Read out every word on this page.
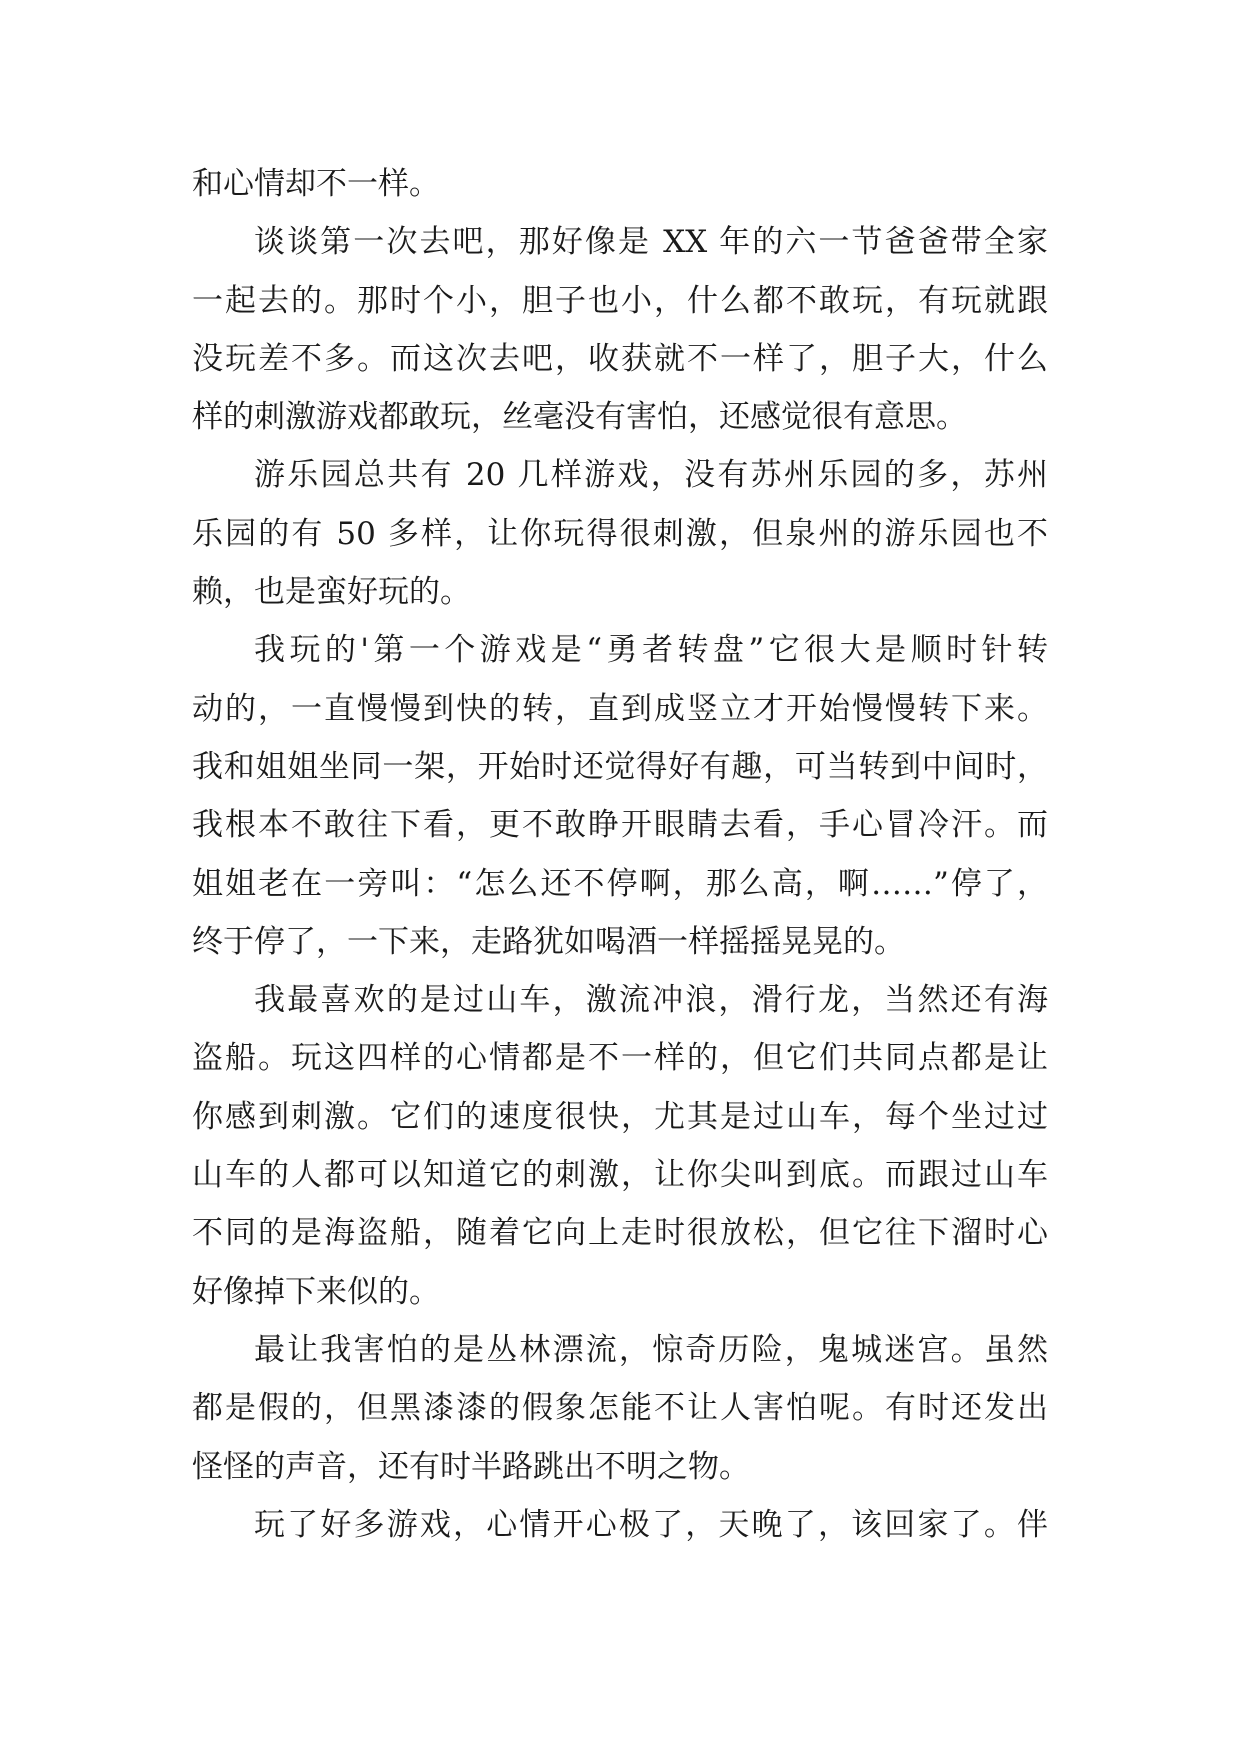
和心情却不一样。
谈谈第一次去吧，那好像是 XX 年的六一节爸爸带全家
一起去的。那时个小，胆子也小，什么都不敢玩，有玩就跟
没玩差不多。而这次去吧，收获就不一样了，胆子大，什么
样的刺激游戏都敢玩，丝毫没有害怕，还感觉很有意思。
游乐园总共有 20 几样游戏，没有苏州乐园的多，苏州
乐园的有 50 多样，让你玩得很刺激，但泉州的游乐园也不
赖，也是蛮好玩的。
我玩的'第一个游戏是“勇者转盘”它很大是顺时针转
动的，一直慢慢到快的转，直到成竖立才开始慢慢转下来。
我和姐姐坐同一架，开始时还觉得好有趣，可当转到中间时，
我根本不敢往下看，更不敢睁开眼睛去看，手心冒冷汗。而
姐姐老在一旁叫：“怎么还不停啊，那么高，啊……”停了，
终于停了，一下来，走路犹如喝酒一样摇摇晃晃的。
我最喜欢的是过山车，激流冲浪，滑行龙，当然还有海
盗船。玩这四样的心情都是不一样的，但它们共同点都是让
你感到刺激。它们的速度很快，尤其是过山车，每个坐过过
山车的人都可以知道它的刺激，让你尖叫到底。而跟过山车
不同的是海盗船，随着它向上走时很放松，但它往下溜时心
好像掉下来似的。
最让我害怕的是丛林漂流，惊奇历险，鬼城迷宫。虽然
都是假的，但黑漆漆的假象怎能不让人害怕呢。有时还发出
怪怪的声音，还有时半路跳出不明之物。
玩了好多游戏，心情开心极了，天晚了，该回家了。伴
